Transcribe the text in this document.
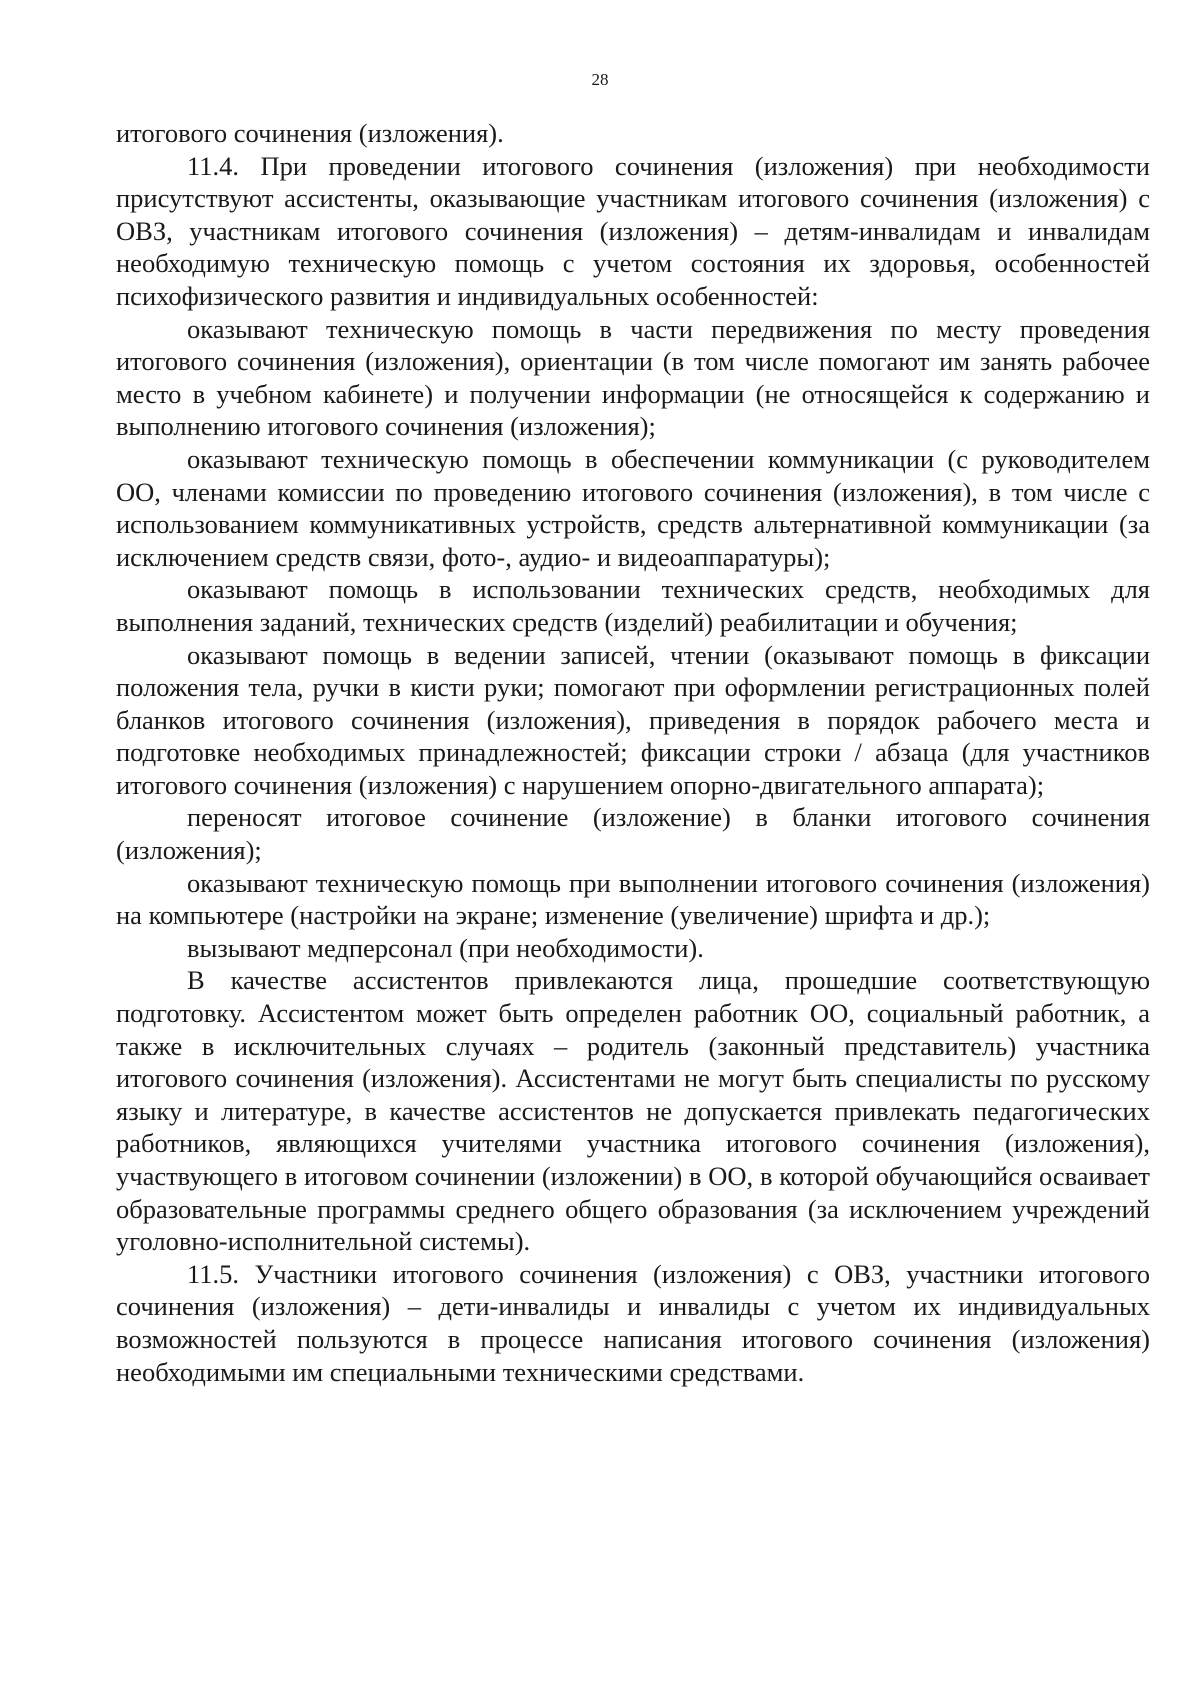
28

итогового сочинения (изложения).

11.4. При проведении итогового сочинения (изложения) при необходимости присутствуют ассистенты, оказывающие участникам итогового сочинения (изложения) с ОВЗ, участникам итогового сочинения (изложения) – детям-инвалидам и инвалидам необходимую техническую помощь с учетом состояния их здоровья, особенностей психофизического развития и индивидуальных особенностей:

оказывают техническую помощь в части передвижения по месту проведения итогового сочинения (изложения), ориентации (в том числе помогают им занять рабочее место в учебном кабинете) и получении информации (не относящейся к содержанию и выполнению итогового сочинения (изложения);

оказывают техническую помощь в обеспечении коммуникации (с руководителем ОО, членами комиссии по проведению итогового сочинения (изложения), в том числе с использованием коммуникативных устройств, средств альтернативной коммуникации (за исключением средств связи, фото-, аудио- и видеоаппаратуры);

оказывают помощь в использовании технических средств, необходимых для выполнения заданий, технических средств (изделий) реабилитации и обучения;

оказывают помощь в ведении записей, чтении (оказывают помощь в фиксации положения тела, ручки в кисти руки; помогают при оформлении регистрационных полей бланков итогового сочинения (изложения), приведения в порядок рабочего места и подготовке необходимых принадлежностей; фиксации строки / абзаца (для участников итогового сочинения (изложения) с нарушением опорно-двигательного аппарата);

переносят итоговое сочинение (изложение) в бланки итогового сочинения (изложения);

оказывают техническую помощь при выполнении итогового сочинения (изложения) на компьютере (настройки на экране; изменение (увеличение) шрифта и др.);

вызывают медперсонал (при необходимости).

В качестве ассистентов привлекаются лица, прошедшие соответствующую подготовку. Ассистентом может быть определен работник ОО, социальный работник, а также в исключительных случаях – родитель (законный представитель) участника итогового сочинения (изложения). Ассистентами не могут быть специалисты по русскому языку и литературе, в качестве ассистентов не допускается привлекать педагогических работников, являющихся учителями участника итогового сочинения (изложения), участвующего в итоговом сочинении (изложении) в ОО, в которой обучающийся осваивает образовательные программы среднего общего образования (за исключением учреждений уголовно-исполнительной системы).

11.5. Участники итогового сочинения (изложения) с ОВЗ, участники итогового сочинения (изложения) – дети-инвалиды и инвалиды с учетом их индивидуальных возможностей пользуются в процессе написания итогового сочинения (изложения) необходимыми им специальными техническими средствами.
